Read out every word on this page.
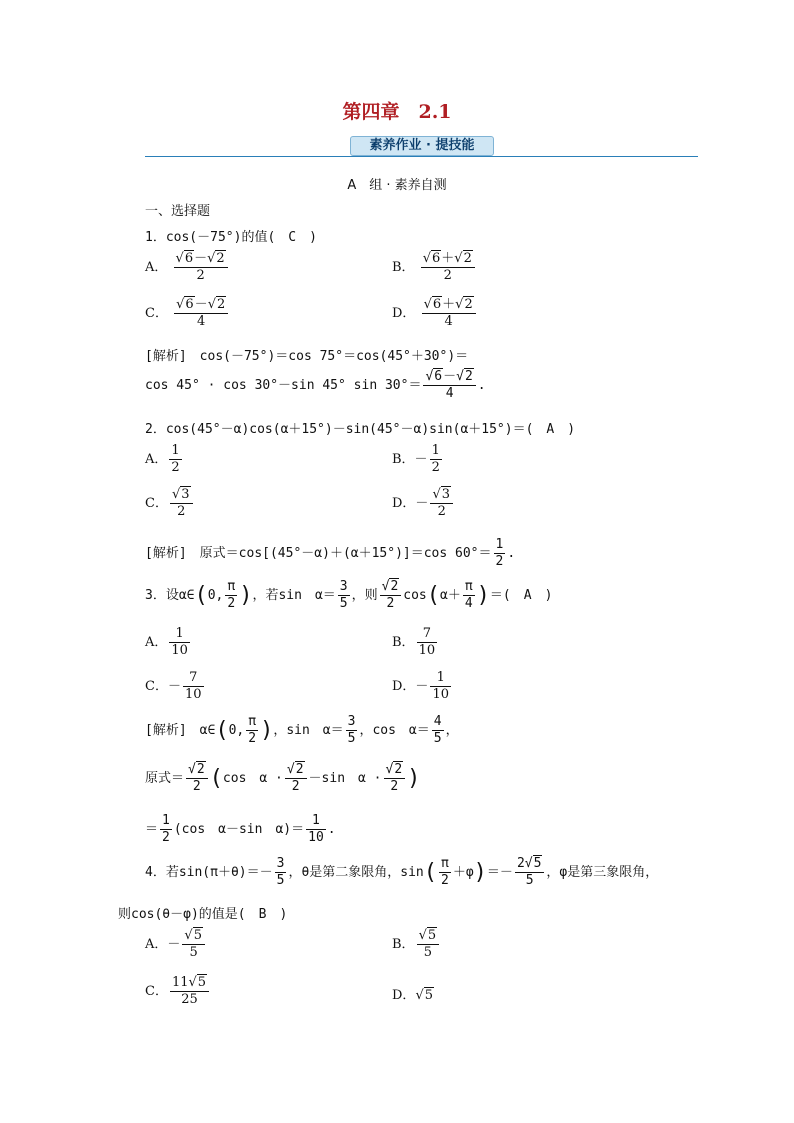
第四章　2.1
素养作业 · 提技能
A　组 · 素养自测
一、选择题
1．cos(－75°)的值(　C　)
A． $\frac{√6-√2}{2}$	B． $\frac{√6+√2}{2}$
C． $\frac{√6-√2}{4}$	D． $\frac{√6+√2}{4}$
[解析]　 cos(－75°)＝cos 75°＝cos(45°＋30°)＝
cos 45° · cos 30°－sin 45° $\sin 30^\circ= \frac{√6-√2}{4}$ .
2．cos(45°－α)cos(α＋15°)－sin(45°－α)sin(α＋15°)＝(　A　)
A． $\frac{1}{2}$	B．－ $\frac{1}{2}$
C． $\frac{√3}{2}$	D．－ $\frac{√3}{2}$
[解析]　 原式＝cos[(45°－α)＋(α＋15°)]＝cos $60^\circ= \frac{1}{2}$ .
3．设α∈(0, $\frac{\pi}{2}$ )，若sin　$\alpha= \frac{3}{5}$ ，则 $\frac{√2}{2} \cos(\alpha+ \frac{\pi}{4}$ )＝(　A　)
A． $\frac{1}{10}$	B． $\frac{7}{10}$
C．－ $\frac{7}{10}$	D．－ $\frac{1}{10}$
[解析]　 α∈(0, $\frac{\pi}{2}$ )，sin　$\alpha= \frac{3}{5}$ ，cos　$\alpha= \frac{4}{5}$ ，
原式＝ $\frac{√2}{2} (\cos$　$\alpha \cdot \frac{√2}{2} -\sin$　$\alpha \cdot \frac{√2}{2}$ )
＝ $\frac{1}{2} (\cos$　α－sin　$\alpha)= \frac{1}{10}$ .
4．若$\sin(\pi+\theta)=- \frac{3}{5}$ ，θ是第二象限角，$\sin( \frac{\pi}{2} +\varphi)=- \frac{2√5}{5}$ ，φ是第三象限角，
则cos(θ－φ)的值是(　B　)
A．－ $\frac{√5}{5}$	B． $\frac{√5}{5}$
C． $\frac{11√5}{25}$	D．√5
